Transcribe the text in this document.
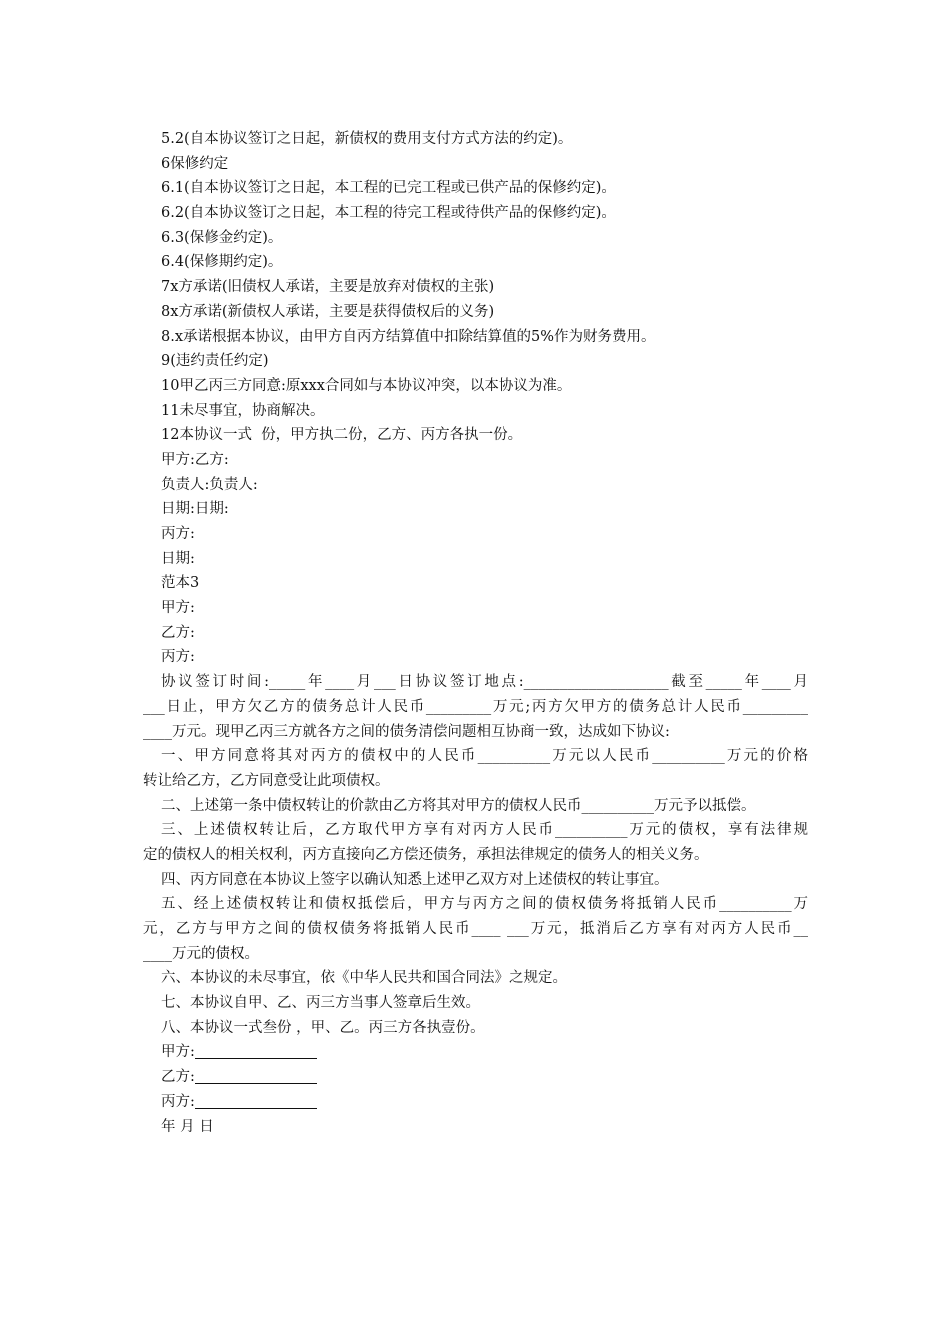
5.2(自本协议签订之日起，新债权的费用支付方式方法的约定)。
6保修约定
6.1(自本协议签订之日起，本工程的已完工程或已供产品的保修约定)。
6.2(自本协议签订之日起，本工程的待完工程或待供产品的保修约定)。
6.3(保修金约定)。
6.4(保修期约定)。
7x方承诺(旧债权人承诺，主要是放弃对债权的主张)
8x方承诺(新债权人承诺，主要是获得债权后的义务)
8.x承诺根据本协议，由甲方自丙方结算值中扣除结算值的5%作为财务费用。
9(违约责任约定)
10甲乙丙三方同意:原xxx合同如与本协议冲突，以本协议为准。
11未尽事宜，协商解决。
12本协议一式  份，甲方执二份，乙方、丙方各执一份。
甲方:乙方:
负责人:负责人:
日期:日期:
丙方:
日期:
范本3
甲方:
乙方:
丙方:
协议签订时间:_____年____月___日协议签订地点:____________________截至_____年____月
___日止，甲方欠乙方的债务总计人民币_________万元;丙方欠甲方的债务总计人民币_________
____万元。现甲乙丙三方就各方之间的债务清偿问题相互协商一致，达成如下协议:
一、甲方同意将其对丙方的债权中的人民币__________万元以人民币__________万元的价格
转让给乙方，乙方同意受让此项债权。
二、上述第一条中债权转让的价款由乙方将其对甲方的债权人民币__________万元予以抵偿。
三、上述债权转让后，乙方取代甲方享有对丙方人民币__________万元的债权，享有法律规
定的债权人的相关权利，丙方直接向乙方偿还债务，承担法律规定的债务人的相关义务。
四、丙方同意在本协议上签字以确认知悉上述甲乙双方对上述债权的转让事宜。
五、经上述债权转让和债权抵偿后，甲方与丙方之间的债权债务将抵销人民币__________万
元，乙方与甲方之间的债权债务将抵销人民币____ ___万元，抵消后乙方享有对丙方人民币__
____万元的债权。
六、本协议的未尽事宜，依《中华人民共和国合同法》之规定。
七、本协议自甲、乙、丙三方当事人签章后生效。
八、本协议一式叁份 ，甲、乙。丙三方各执壹份。
甲方:
乙方:
丙方:
年 月 日
